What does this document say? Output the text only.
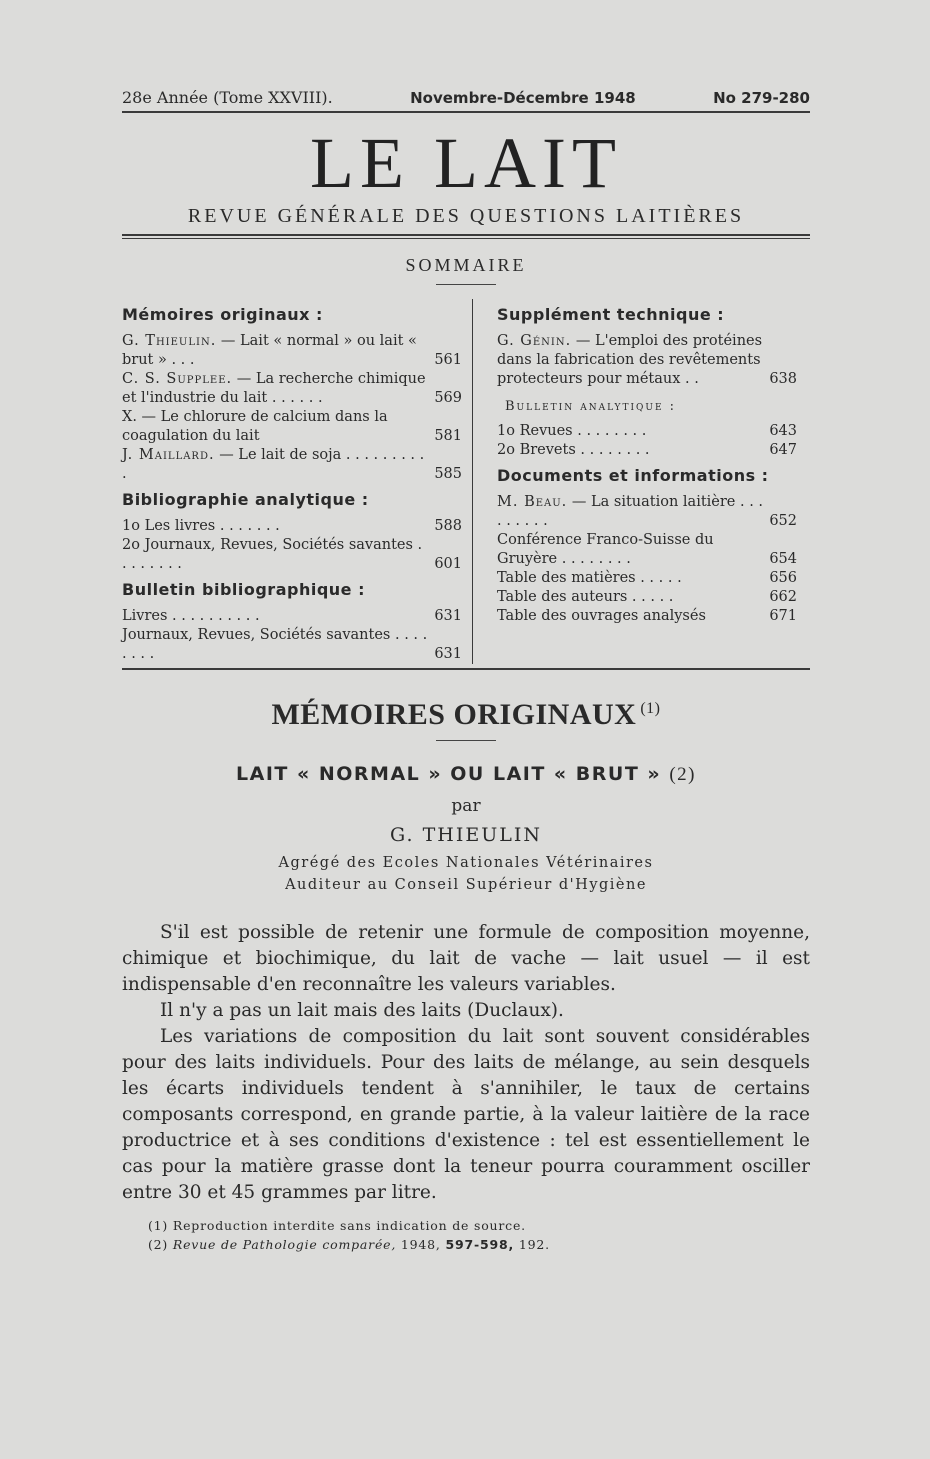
28e Année (Tome XXVIII).	Novembre-Décembre 1948	No 279-280
LE LAIT
REVUE GÉNÉRALE DES QUESTIONS LAITIÈRES
SOMMAIRE
Mémoires originaux :
G. Thieulin. — Lait « normal » ou lait « brut » . . .	561
C. S. Supplee. — La recherche chimique et l'industrie du lait . . . . . .	569
X. — Le chlorure de calcium dans la coagulation du lait	581
J. Maillard. — Le lait de soja . . . . . . . . . .	585
Bibliographie analytique :
1o Les livres . . . . . . .	588
2o Journaux, Revues, Sociétés savantes . . . . . . . .	601
Bulletin bibliographique :
Livres . . . . . . . . . .	631
Journaux, Revues, Sociétés savantes . . . . . . . .	631
Supplément technique :
G. Génin. — L'emploi des protéines dans la fabrication des revêtements protecteurs pour métaux . .	638
Bulletin analytique :
1o Revues . . . . . . . .	643
2o Brevets . . . . . . . .	647
Documents et informations :
M. Beau. — La situation laitière . . . . . . . . .	652
Conférence Franco-Suisse du Gruyère . . . . . . . .	654
Table des matières . . . . .	656
Table des auteurs . . . . .	662
Table des ouvrages analysés	671
MÉMOIRES ORIGINAUX $^{(1)}$
LAIT « NORMAL » OU LAIT « BRUT » (2)
par
G. THIEULIN
Agrégé des Ecoles Nationales Vétérinaires
Auditeur au Conseil Supérieur d'Hygiène

S'il est possible de retenir une formule de composition moyenne, chimique et biochimique, du lait de vache — lait usuel — il est indispensable d'en reconnaître les valeurs variables.

Il n'y a pas un lait mais des laits (Duclaux).

Les variations de composition du lait sont souvent considérables pour des laits individuels. Pour des laits de mélange, au sein desquels les écarts individuels tendent à s'annihiler, le taux de certains composants correspond, en grande partie, à la valeur laitière de la race productrice et à ses conditions d'existence : tel est essentiellement le cas pour la matière grasse dont la teneur pourra couramment osciller entre 30 et 45 grammes par litre.

(1) Reproduction interdite sans indication de source.
(2) Revue de Pathologie comparée, 1948, 597-598, 192.
